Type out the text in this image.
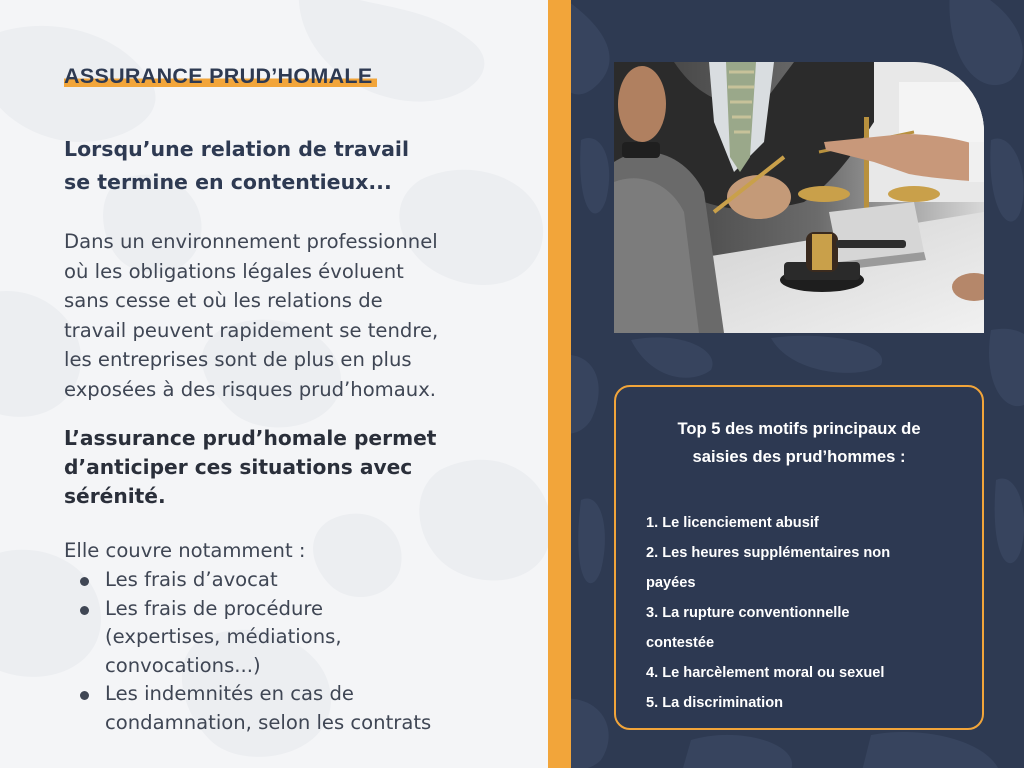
ASSURANCE PRUD’HOMALE
Lorsqu’une relation de travail
se termine en contentieux...
Dans un environnement professionnel
où les obligations légales évoluent
sans cesse et où les relations de
travail peuvent rapidement se tendre,
les entreprises sont de plus en plus
exposées à des risques prud’homaux.
L’assurance prud’homale permet
d’anticiper ces situations avec
sérénité.
Elle couvre notamment :
Les frais d’avocat
Les frais de procédure
(expertises, médiations,
convocations...)
Les indemnités en cas de
condamnation, selon les contrats
Top 5 des motifs principaux de
saisies des prud’hommes :
1. Le licenciement abusif
2. Les heures supplémentaires non
payées
3. La rupture conventionnelle
contestée
4. Le harcèlement moral ou sexuel
5. La discrimination
